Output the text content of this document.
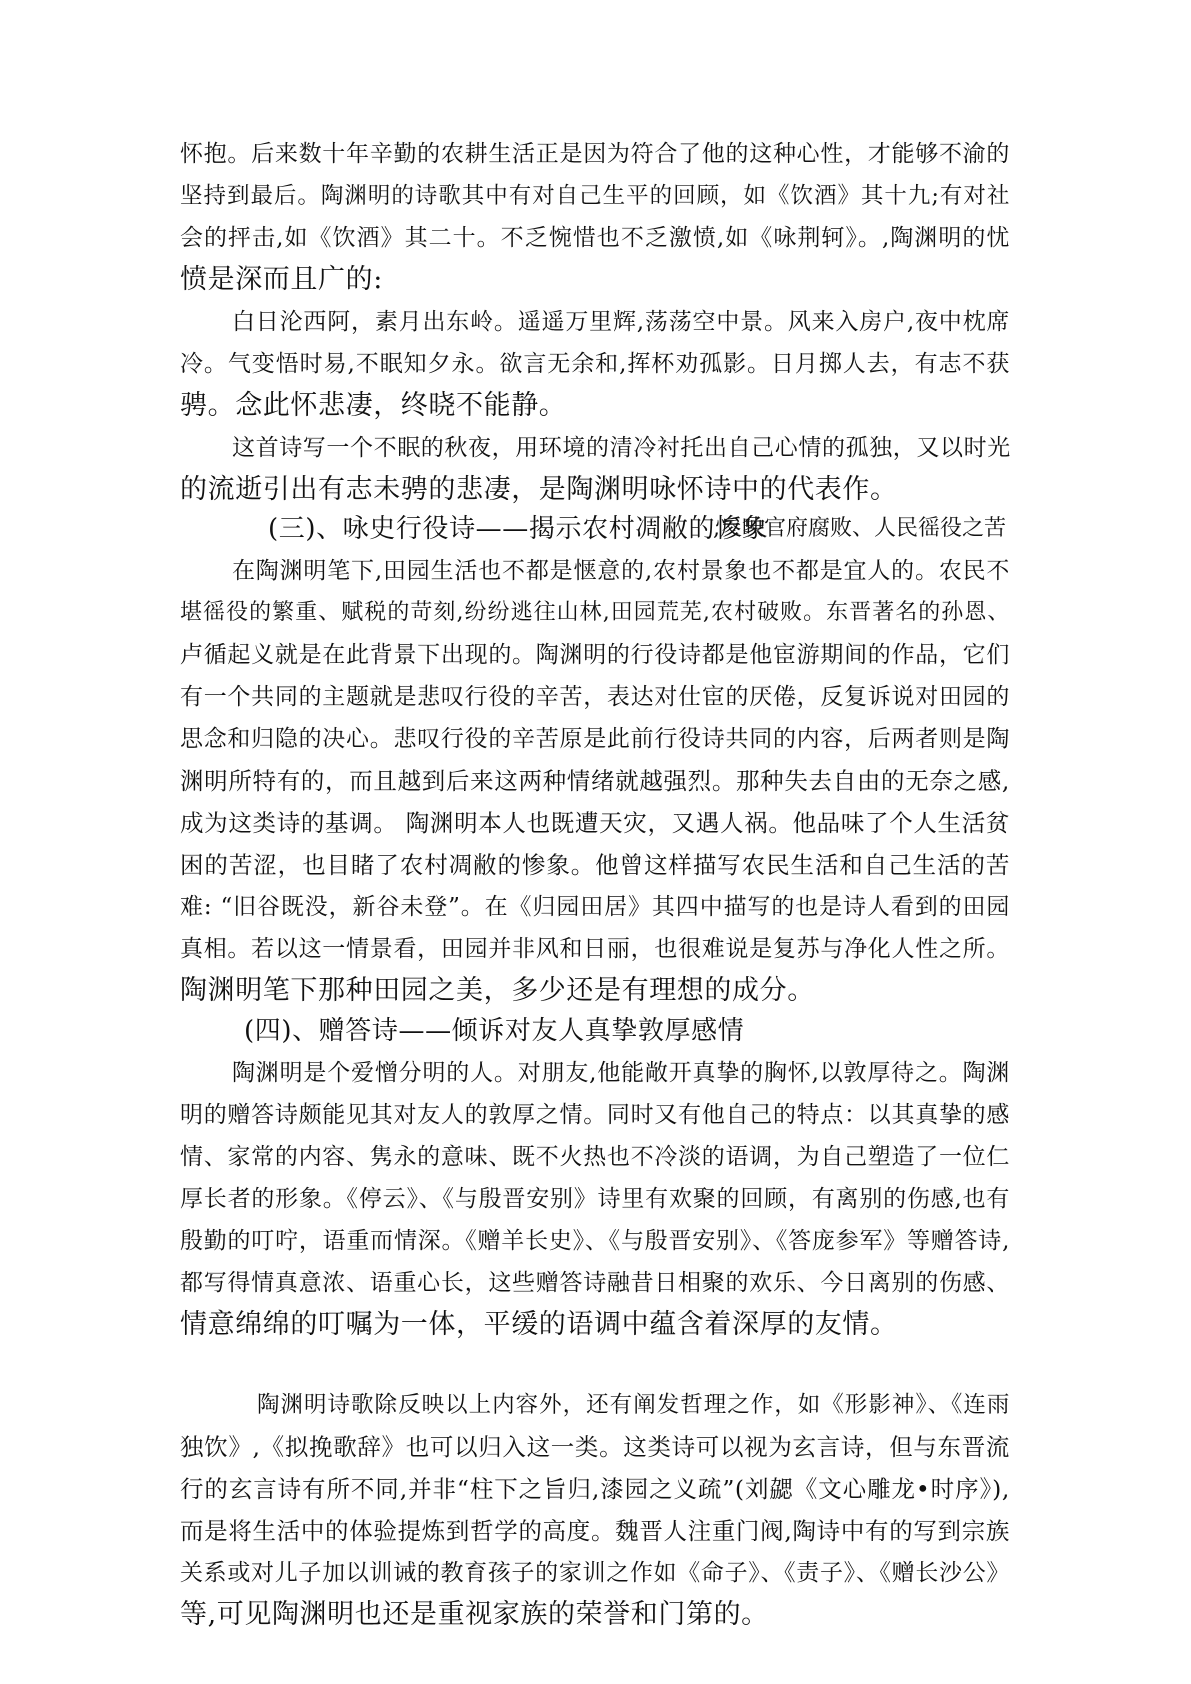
怀抱。后来数十年辛勤的农耕生活正是因为符合了他的这种心性，才能够不渝的
坚持到最后。陶渊明的诗歌其中有对自己生平的回顾，如《饮酒》其十九;有对社
会的抨击,如《饮酒》其二十。不乏惋惜也不乏激愤,如《咏荆轲》。,陶渊明的忧
愤是深而且广的:
白日沦西阿，素月出东岭。遥遥万里辉,荡荡空中景。风来入房户,夜中枕席
冷。气变悟时易,不眠知夕永。欲言无余和,挥杯劝孤影。日月掷人去，有志不获
骋。念此怀悲凄，终晓不能静。
这首诗写一个不眠的秋夜，用环境的清冷衬托出自己心情的孤独，又以时光
的流逝引出有志未骋的悲凄，是陶渊明咏怀诗中的代表作。
(三)、咏史行役诗——揭示农村凋敝的惨象
,反映官府腐败、人民徭役之苦
在陶渊明笔下,田园生活也不都是惬意的,农村景象也不都是宜人的。农民不
堪徭役的繁重、赋税的苛刻,纷纷逃往山林,田园荒芜,农村破败。东晋著名的孙恩、
卢循起义就是在此背景下出现的。陶渊明的行役诗都是他宦游期间的作品，它们
有一个共同的主题就是悲叹行役的辛苦，表达对仕宦的厌倦，反复诉说对田园的
思念和归隐的决心。悲叹行役的辛苦原是此前行役诗共同的内容，后两者则是陶
渊明所特有的，而且越到后来这两种情绪就越强烈。那种失去自由的无奈之感,
成为这类诗的基调。 陶渊明本人也既遭天灾，又遇人祸。他品味了个人生活贫
困的苦涩，也目睹了农村凋敝的惨象。他曾这样描写农民生活和自己生活的苦
难: “旧谷既没，新谷未登”。在《归园田居》其四中描写的也是诗人看到的田园
真相。若以这一情景看，田园并非风和日丽，也很难说是复苏与净化人性之所。
陶渊明笔下那种田园之美，多少还是有理想的成分。
(四)、赠答诗——倾诉对友人真挚敦厚感情
陶渊明是个爱憎分明的人。对朋友,他能敞开真挚的胸怀,以敦厚待之。陶渊
明的赠答诗颇能见其对友人的敦厚之情。同时又有他自己的特点：以其真挚的感
情、家常的内容、隽永的意味、既不火热也不冷淡的语调，为自己塑造了一位仁
厚长者的形象。《停云》、《与殷晋安别》诗里有欢聚的回顾，有离别的伤感,也有
殷勤的叮咛，语重而情深。《赠羊长史》、《与殷晋安别》、《答庞参军》等赠答诗,
都写得情真意浓、语重心长，这些赠答诗融昔日相聚的欢乐、今日离别的伤感、
情意绵绵的叮嘱为一体，平缓的语调中蕴含着深厚的友情。
陶渊明诗歌除反映以上内容外，还有阐发哲理之作，如《形影神》、《连雨
独饮》,《拟挽歌辞》也可以归入这一类。这类诗可以视为玄言诗，但与东晋流
行的玄言诗有所不同,并非“柱下之旨归,漆园之义疏”(刘勰《文心雕龙•时序》),
而是将生活中的体验提炼到哲学的高度。魏晋人注重门阀,陶诗中有的写到宗族
关系或对儿子加以训诫的教育孩子的家训之作如《命子》、《责子》、《赠长沙公》
等,可见陶渊明也还是重视家族的荣誉和门第的。
